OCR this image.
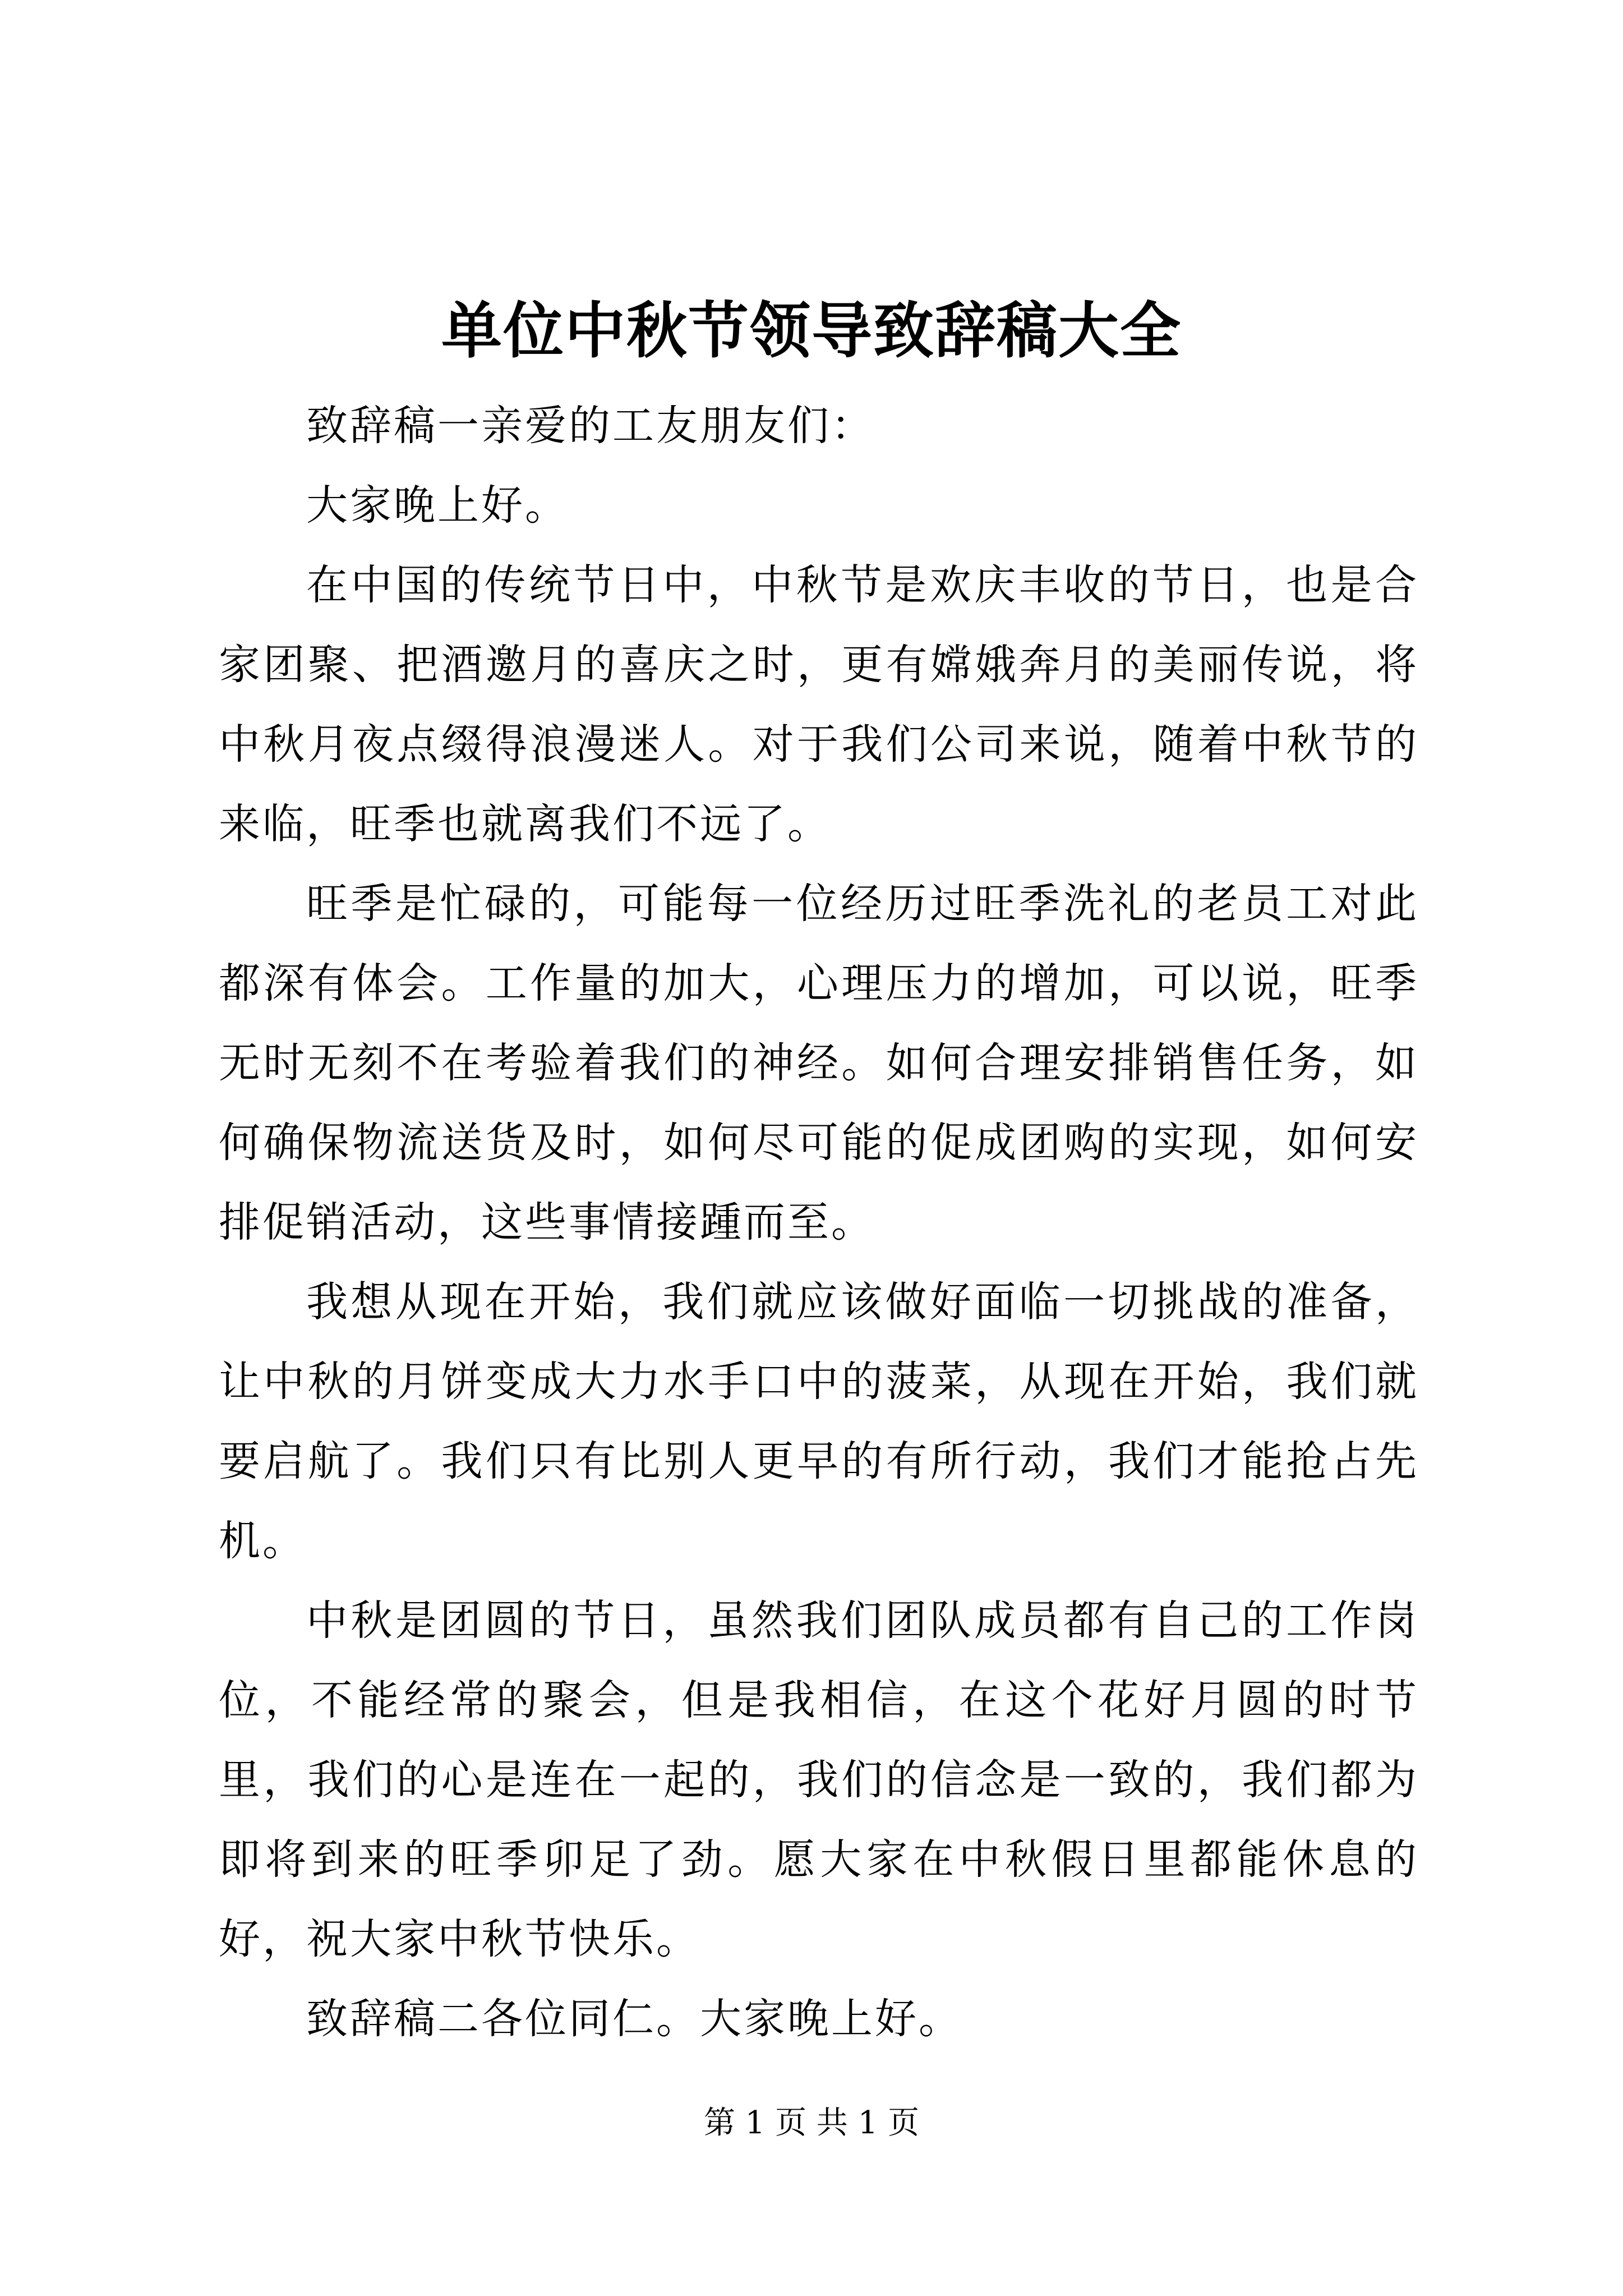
单位中秋节领导致辞稿大全

致辞稿一亲爱的工友朋友们：

大家晚上好。

在中国的传统节日中，中秋节是欢庆丰收的节日，也是合家团聚、把酒邀月的喜庆之时，更有嫦娥奔月的美丽传说，将中秋月夜点缀得浪漫迷人。对于我们公司来说，随着中秋节的来临，旺季也就离我们不远了。

旺季是忙碌的，可能每一位经历过旺季洗礼的老员工对此都深有体会。工作量的加大，心理压力的增加，可以说，旺季无时无刻不在考验着我们的神经。如何合理安排销售任务，如何确保物流送货及时，如何尽可能的促成团购的实现，如何安排促销活动，这些事情接踵而至。

我想从现在开始，我们就应该做好面临一切挑战的准备，让中秋的月饼变成大力水手口中的菠菜，从现在开始，我们就要启航了。我们只有比别人更早的有所行动，我们才能抢占先机。

中秋是团圆的节日，虽然我们团队成员都有自己的工作岗位，不能经常的聚会，但是我相信，在这个花好月圆的时节里，我们的心是连在一起的，我们的信念是一致的，我们都为即将到来的旺季卯足了劲。愿大家在中秋假日里都能休息的好，祝大家中秋节快乐。

致辞稿二各位同仁。大家晚上好。

第 1 页 共 1 页
